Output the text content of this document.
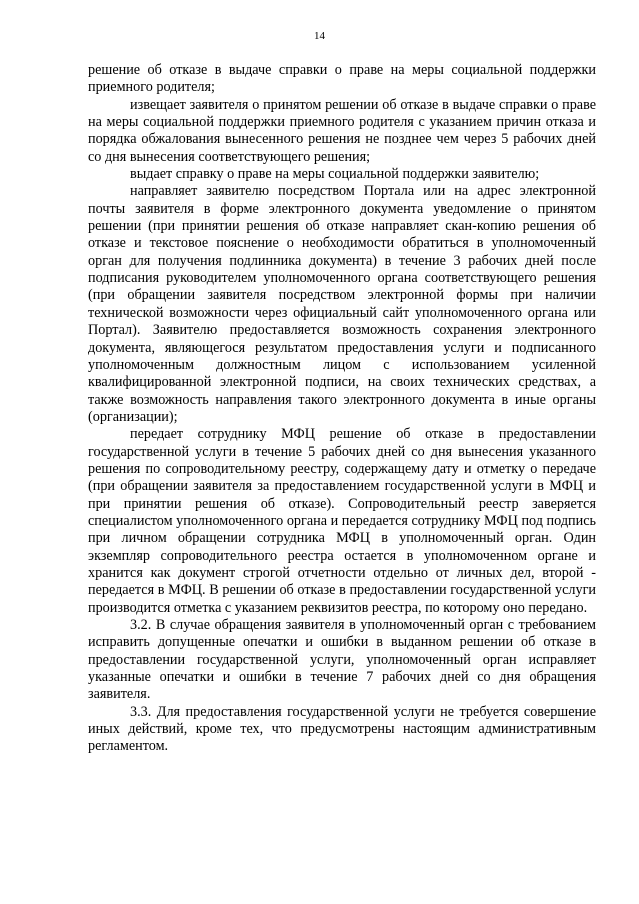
14

решение об отказе в выдаче справки о праве на меры социальной поддержки приемного родителя;

извещает заявителя о принятом решении об отказе в выдаче справки о праве на меры социальной поддержки приемного родителя с указанием причин отказа и порядка обжалования вынесенного решения не позднее чем через 5 рабочих дней со дня вынесения соответствующего решения;

выдает справку о праве на меры социальной поддержки заявителю;

направляет заявителю посредством Портала или на адрес электронной почты заявителя в форме электронного документа уведомление о принятом решении (при принятии решения об отказе направляет скан-копию решения об отказе и текстовое пояснение о необходимости обратиться в уполномоченный орган для получения подлинника документа) в течение 3 рабочих дней после подписания руководителем уполномоченного органа соответствующего решения (при обращении заявителя посредством электронной формы при наличии технической возможности через официальный сайт уполномоченного органа или Портал). Заявителю предоставляется возможность сохранения электронного документа, являющегося результатом предоставления услуги и подписанного уполномоченным должностным лицом с использованием усиленной квалифицированной электронной подписи, на своих технических средствах, а также возможность направления такого электронного документа в иные органы (организации);

передает сотруднику МФЦ решение об отказе в предоставлении государственной услуги в течение 5 рабочих дней со дня вынесения указанного решения по сопроводительному реестру, содержащему дату и отметку о передаче (при обращении заявителя за предоставлением государственной услуги в МФЦ и при принятии решения об отказе). Сопроводительный реестр заверяется специалистом уполномоченного органа и передается сотруднику МФЦ под подпись при личном обращении сотрудника МФЦ в уполномоченный орган. Один экземпляр сопроводительного реестра остается в уполномоченном органе и хранится как документ строгой отчетности отдельно от личных дел, второй - передается в МФЦ. В решении об отказе в предоставлении государственной услуги производится отметка с указанием реквизитов реестра, по которому оно передано.

3.2. В случае обращения заявителя в уполномоченный орган с требованием исправить допущенные опечатки и ошибки в выданном решении об отказе в предоставлении государственной услуги, уполномоченный орган исправляет указанные опечатки и ошибки в течение 7 рабочих дней со дня обращения заявителя.

3.3. Для предоставления государственной услуги не требуется совершение иных действий, кроме тех, что предусмотрены настоящим административным регламентом.
